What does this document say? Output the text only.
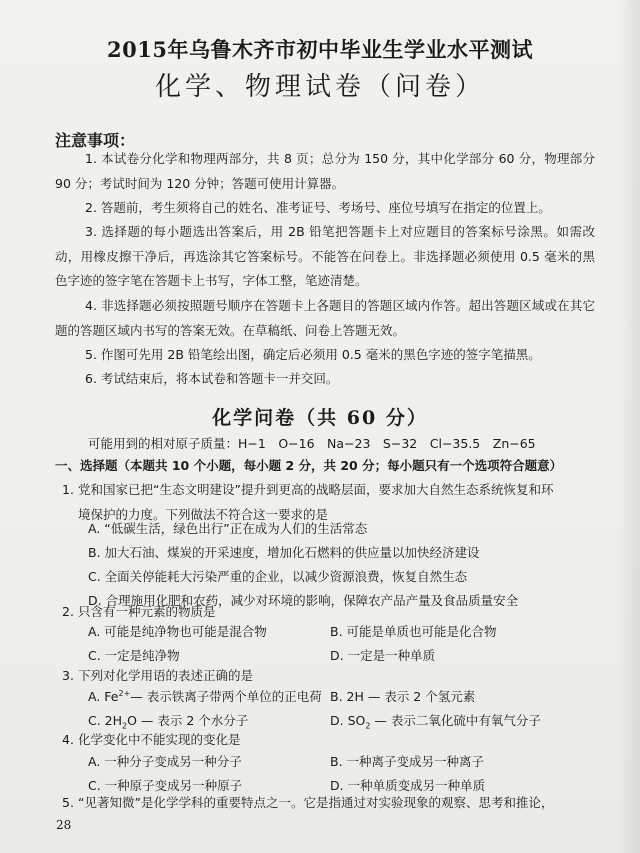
2015年乌鲁木齐市初中毕业生学业水平测试
化学、物理试卷（问卷）
注意事项：
1. 本试卷分化学和物理两部分，共 8 页；总分为 150 分，其中化学部分 60 分，物理部分 90 分；考试时间为 120 分钟；答题可使用计算器。
2. 答题前，考生须将自己的姓名、准考证号、考场号、座位号填写在指定的位置上。
3. 选择题的每小题选出答案后，用 2B 铅笔把答题卡上对应题目的答案标号涂黑。如需改动，用橡皮擦干净后，再选涂其它答案标号。不能答在问卷上。非选择题必须使用 0.5 毫米的黑色字迹的签字笔在答题卡上书写，字体工整，笔迹清楚。
4. 非选择题必须按照题号顺序在答题卡上各题目的答题区域内作答。超出答题区域或在其它题的答题区域内书写的答案无效。在草稿纸、问卷上答题无效。
5. 作图可先用 2B 铅笔绘出图，确定后必须用 0.5 毫米的黑色字迹的签字笔描黑。
6. 考试结束后，将本试卷和答题卡一并交回。
化学问卷（共 60 分）
可能用到的相对原子质量：H−1　O−16　Na−23　S−32　Cl−35.5　Zn−65
一、选择题（本题共 10 个小题，每小题 2 分，共 20 分；每小题只有一个选项符合题意）
1. 党和国家已把“生态文明建设”提升到更高的战略层面，要求加大自然生态系统恢复和环
境保护的力度。下列做法不符合这一要求的是
A. “低碳生活，绿色出行”正在成为人们的生活常态
B. 加大石油、煤炭的开采速度，增加化石燃料的供应量以加快经济建设
C. 全面关停能耗大污染严重的企业，以减少资源浪费，恢复自然生态
D. 合理施用化肥和农药，减少对环境的影响，保障农产品产量及食品质量安全
2. 只含有一种元素的物质是
A. 可能是纯净物也可能是混合物	B. 可能是单质也可能是化合物
C. 一定是纯净物	D. 一定是一种单质
3. 下列对化学用语的表述正确的是
A. $Fe^{2+}—$ 表示铁离子带两个单位的正电荷 B. 2H — 表示 2 个氢元素
C. $2H_2O$ — 表示 2 个水分子	D. $SO_2$ — 表示二氧化硫中有氧气分子
4. 化学变化中不能实现的变化是
A. 一种分子变成另一种分子	B. 一种离子变成另一种离子
C. 一种原子变成另一种原子	D. 一种单质变成另一种单质
5. “见著知微”是化学学科的重要特点之一。它是指通过对实验现象的观察、思考和推论，
28
